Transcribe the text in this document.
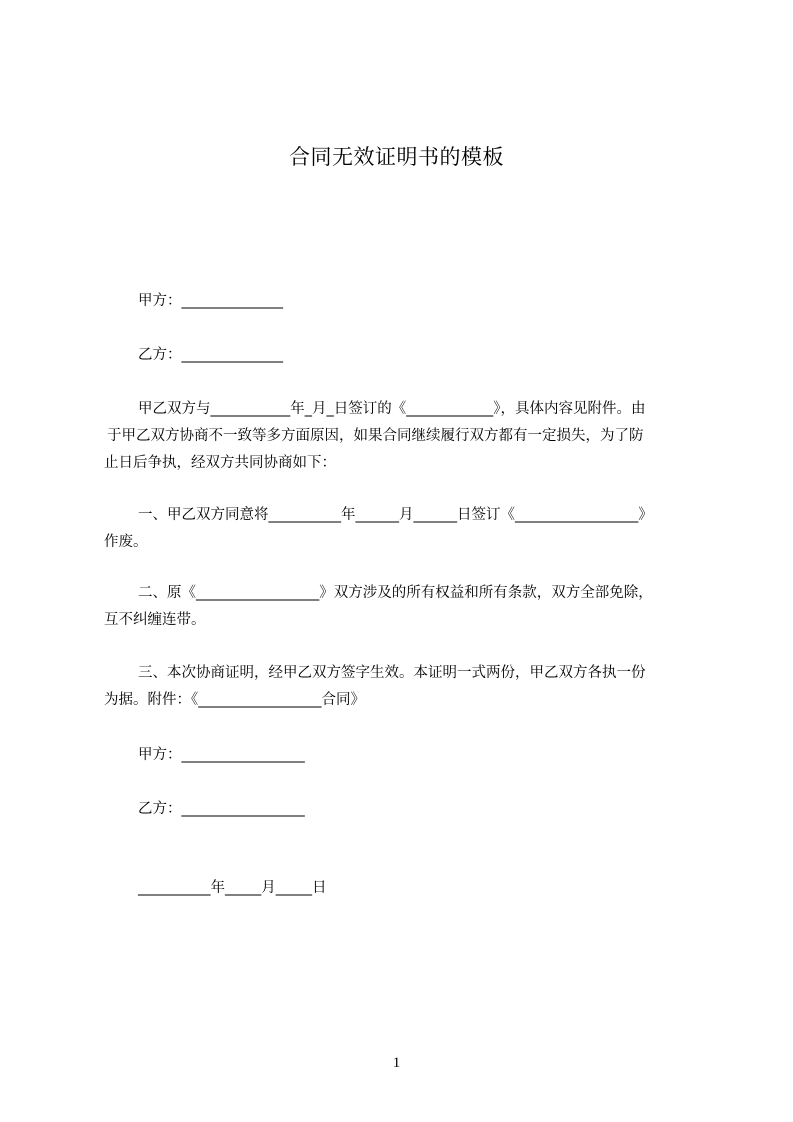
合同无效证明书的模板
甲方：______________
乙方：______________
甲乙双方与___________年_月_日签订的《____________》，具体内容见附件。由
于甲乙双方协商不一致等多方面原因，如果合同继续履行双方都有一定损失，为了防
止日后争执，经双方共同协商如下：
一、甲乙双方同意将__________年______月______日签订《_________________》
作废。
二、原《_________________》双方涉及的所有权益和所有条款，双方全部免除，
互不纠缠连带。
三、本次协商证明，经甲乙双方签字生效。本证明一式两份，甲乙双方各执一份
为据。附件：《_________________合同》
甲方：_________________
乙方：_________________
__________年_____月_____日
1
